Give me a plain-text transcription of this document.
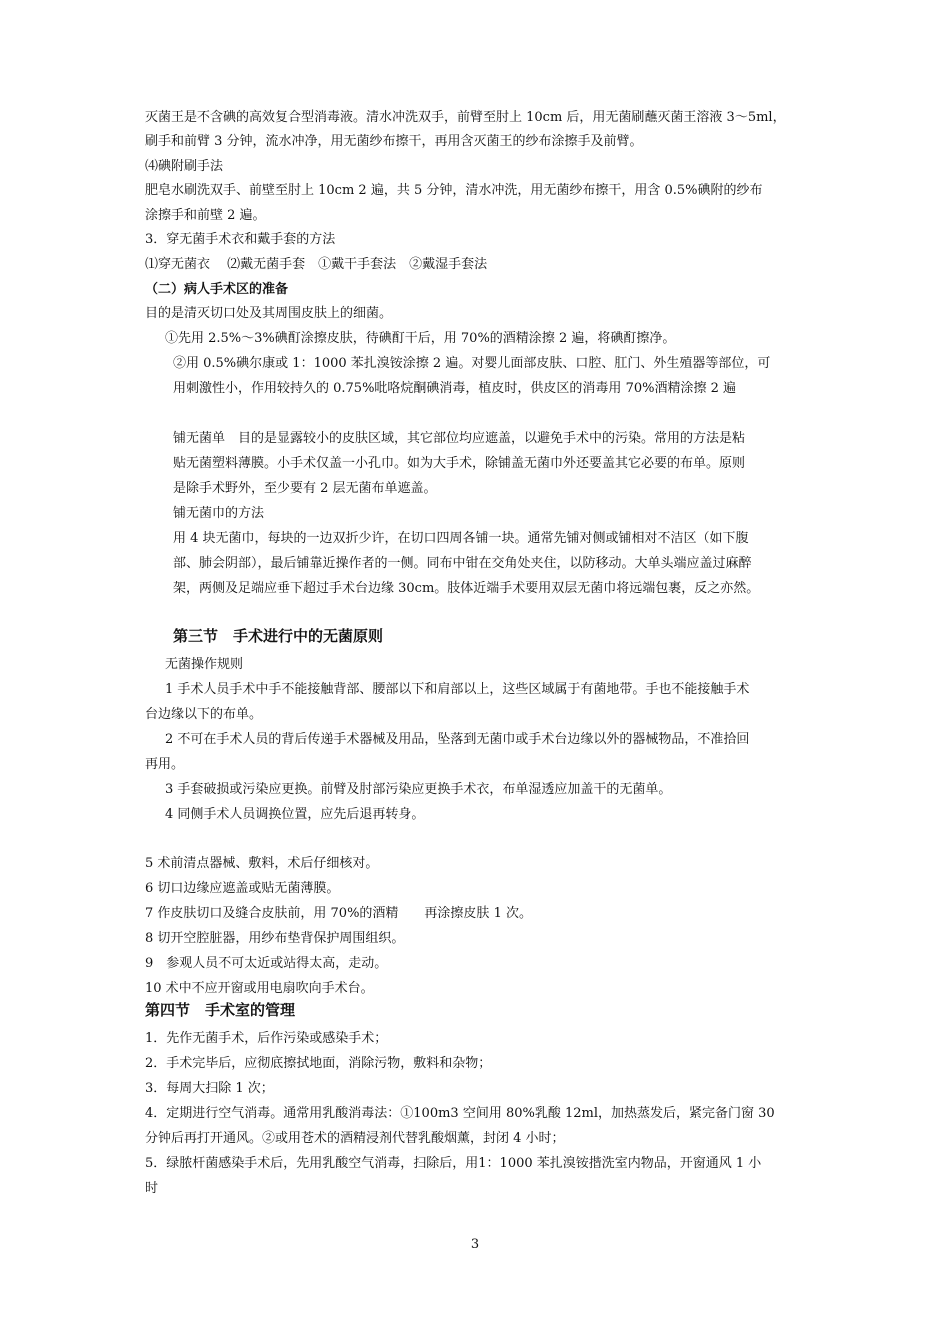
灭菌王是不含碘的高效复合型消毒液。清水冲洗双手，前臂至肘上 10cm 后，用无菌刷蘸灭菌王溶液 3～5ml，
刷手和前臂 3 分钟，流水冲净，用无菌纱布擦干，再用含灭菌王的纱布涂擦手及前臂。
⑷碘附刷手法
肥皂水刷洗双手、前壁至肘上 10cm 2 遍，共 5 分钟，清水冲洗，用无菌纱布擦干，用含 0.5%碘附的纱布
涂擦手和前壁 2 遍。
3．穿无菌手术衣和戴手套的方法
⑴穿无菌衣　 ⑵戴无菌手套　①戴干手套法　②戴湿手套法
（二）病人手术区的准备
目的是清灭切口处及其周围皮肤上的细菌。
①先用 2.5%～3%碘酊涂擦皮肤，待碘酊干后，用 70%的酒精涂擦 2 遍，将碘酊擦净。
②用 0.5%碘尔康或 1：1000 苯扎溴铵涂擦 2 遍。对婴儿面部皮肤、口腔、肛门、外生殖器等部位，可
用刺激性小，作用较持久的 0.75%吡咯烷酮碘消毒，植皮时，供皮区的消毒用 70%酒精涂擦 2 遍
铺无菌单　目的是显露较小的皮肤区域，其它部位均应遮盖，以避免手术中的污染。常用的方法是粘
贴无菌塑料薄膜。小手术仅盖一小孔巾。如为大手术，除铺盖无菌巾外还要盖其它必要的布单。原则
是除手术野外，至少要有 2 层无菌布单遮盖。
铺无菌巾的方法
用 4 块无菌巾，每块的一边双折少许，在切口四周各铺一块。通常先铺对侧或铺相对不洁区（如下腹
部、肺会阴部），最后铺靠近操作者的一侧。同布中钳在交角处夹住，以防移动。大单头端应盖过麻醉
架，两侧及足端应垂下超过手术台边缘 30cm。肢体近端手术要用双层无菌巾将远端包裹，反之亦然。
第三节　手术进行中的无菌原则
无菌操作规则
1 手术人员手术中手不能接触背部、腰部以下和肩部以上，这些区域属于有菌地带。手也不能接触手术
台边缘以下的布单。
2 不可在手术人员的背后传递手术器械及用品，坠落到无菌巾或手术台边缘以外的器械物品，不准拾回
再用。
3 手套破损或污染应更换。前臂及肘部污染应更换手术衣，布单湿透应加盖干的无菌单。
4 同侧手术人员调换位置，应先后退再转身。
5 术前清点器械、敷料，术后仔细核对。
6 切口边缘应遮盖或贴无菌薄膜。
7 作皮肤切口及缝合皮肤前，用 70%的酒精　　再涂擦皮肤 1 次。
8 切开空腔脏器，用纱布垫背保护周围组织。
9　参观人员不可太近或站得太高，走动。
10 术中不应开窗或用电扇吹向手术台。
第四节　手术室的管理
1．先作无菌手术，后作污染或感染手术；
2．手术完毕后，应彻底擦拭地面，消除污物，敷料和杂物；
3．每周大扫除 1 次；
4．定期进行空气消毒。通常用乳酸消毒法：①100m3 空间用 80%乳酸 12ml，加热蒸发后，紧完备门窗 30
分钟后再打开通风。②或用苍术的酒精浸剂代替乳酸烟薰，封闭 4 小时；
5．绿脓杆菌感染手术后，先用乳酸空气消毒，扫除后，用1：1000 苯扎溴铵揩洗室内物品，开窗通风 1 小
时
3
